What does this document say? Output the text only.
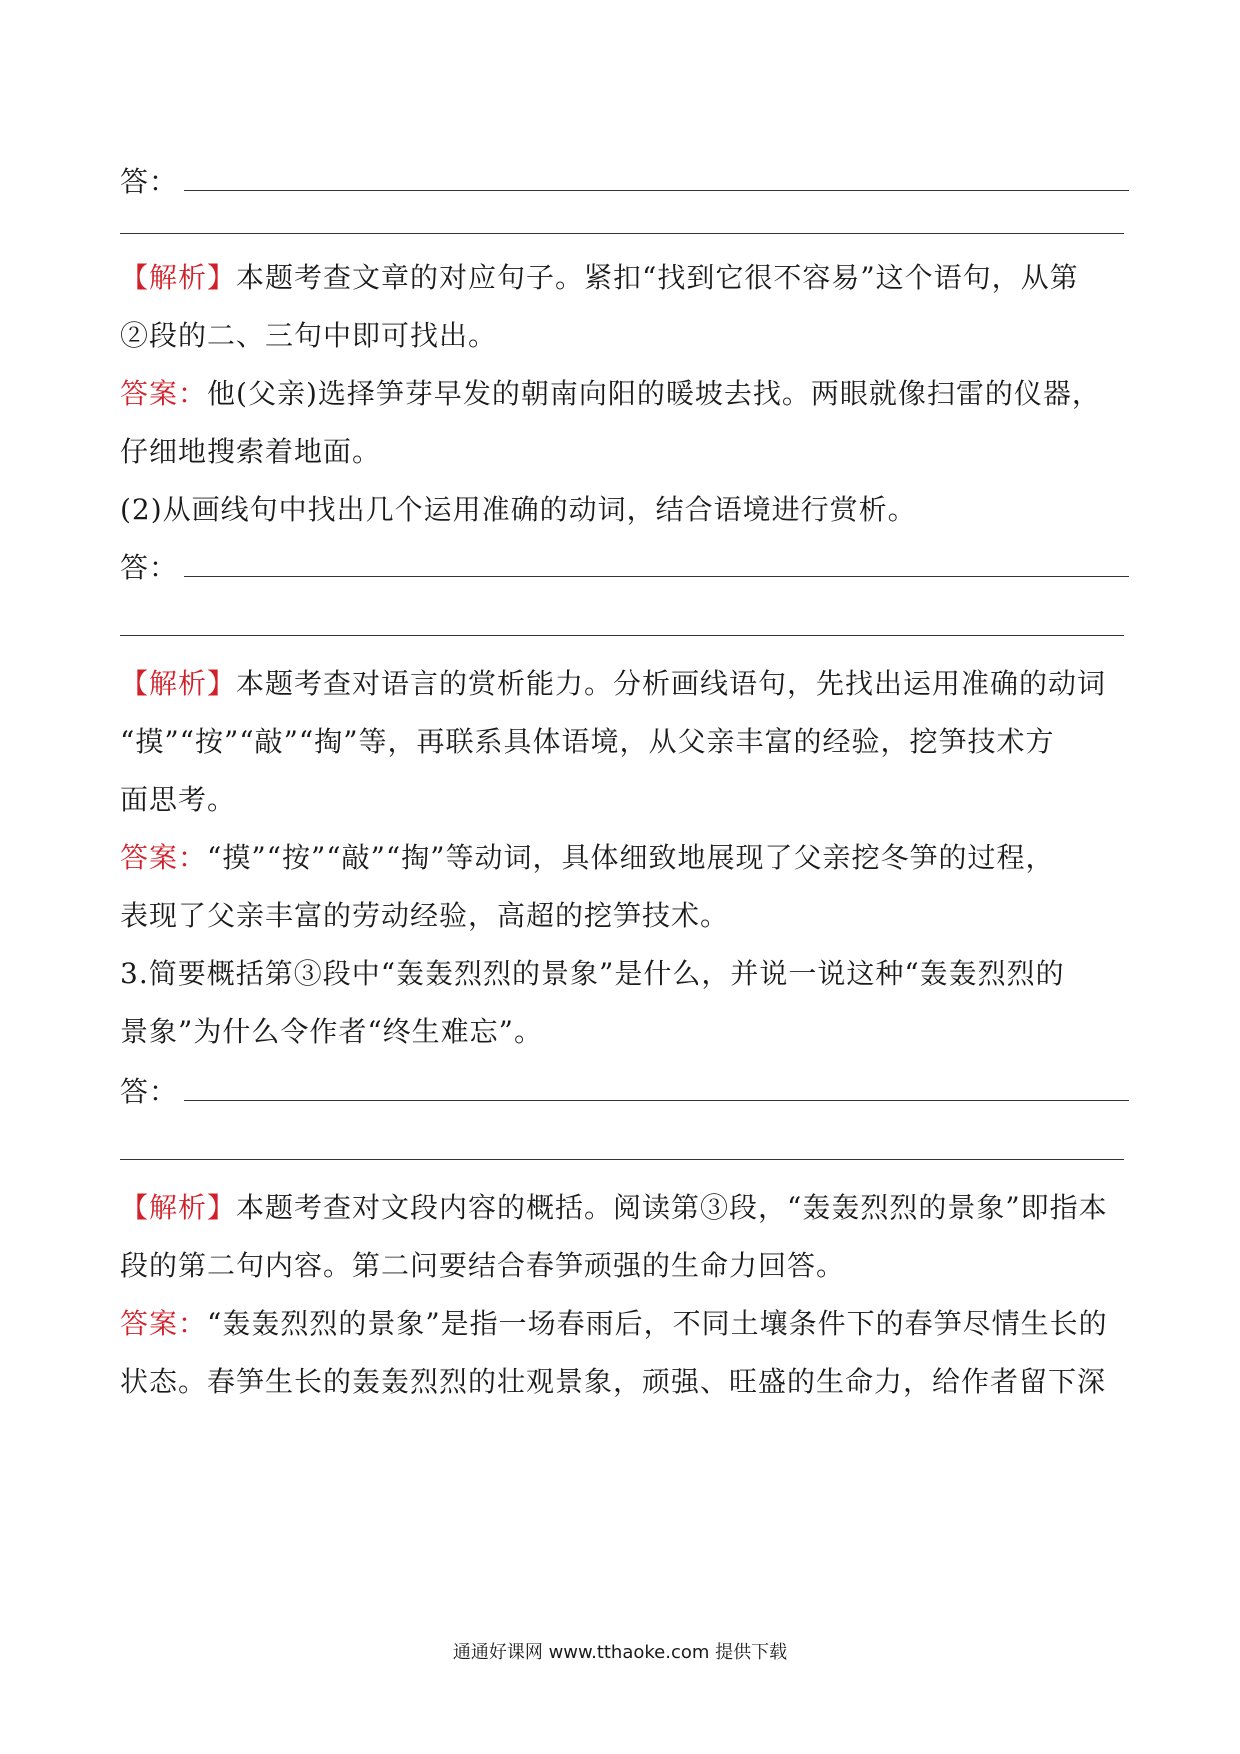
答：
【解析】本题考查文章的对应句子。紧扣“找到它很不容易”这个语句，从第
②段的二、三句中即可找出。
答案：他(父亲)选择笋芽早发的朝南向阳的暖坡去找。两眼就像扫雷的仪器，
仔细地搜索着地面。
(2)从画线句中找出几个运用准确的动词，结合语境进行赏析。
答：
【解析】本题考查对语言的赏析能力。分析画线语句，先找出运用准确的动词
“摸”“按”“敲”“掏”等，再联系具体语境，从父亲丰富的经验，挖笋技术方
面思考。
答案：“摸”“按”“敲”“掏”等动词，具体细致地展现了父亲挖冬笋的过程，
表现了父亲丰富的劳动经验，高超的挖笋技术。
3.简要概括第③段中“轰轰烈烈的景象”是什么，并说一说这种“轰轰烈烈的
景象”为什么令作者“终生难忘”。
答：
【解析】本题考查对文段内容的概括。阅读第③段，“轰轰烈烈的景象”即指本
段的第二句内容。第二问要结合春笋顽强的生命力回答。
答案：“轰轰烈烈的景象”是指一场春雨后，不同土壤条件下的春笋尽情生长的
状态。春笋生长的轰轰烈烈的壮观景象，顽强、旺盛的生命力，给作者留下深
通通好课网 www.tthaoke.com 提供下载
